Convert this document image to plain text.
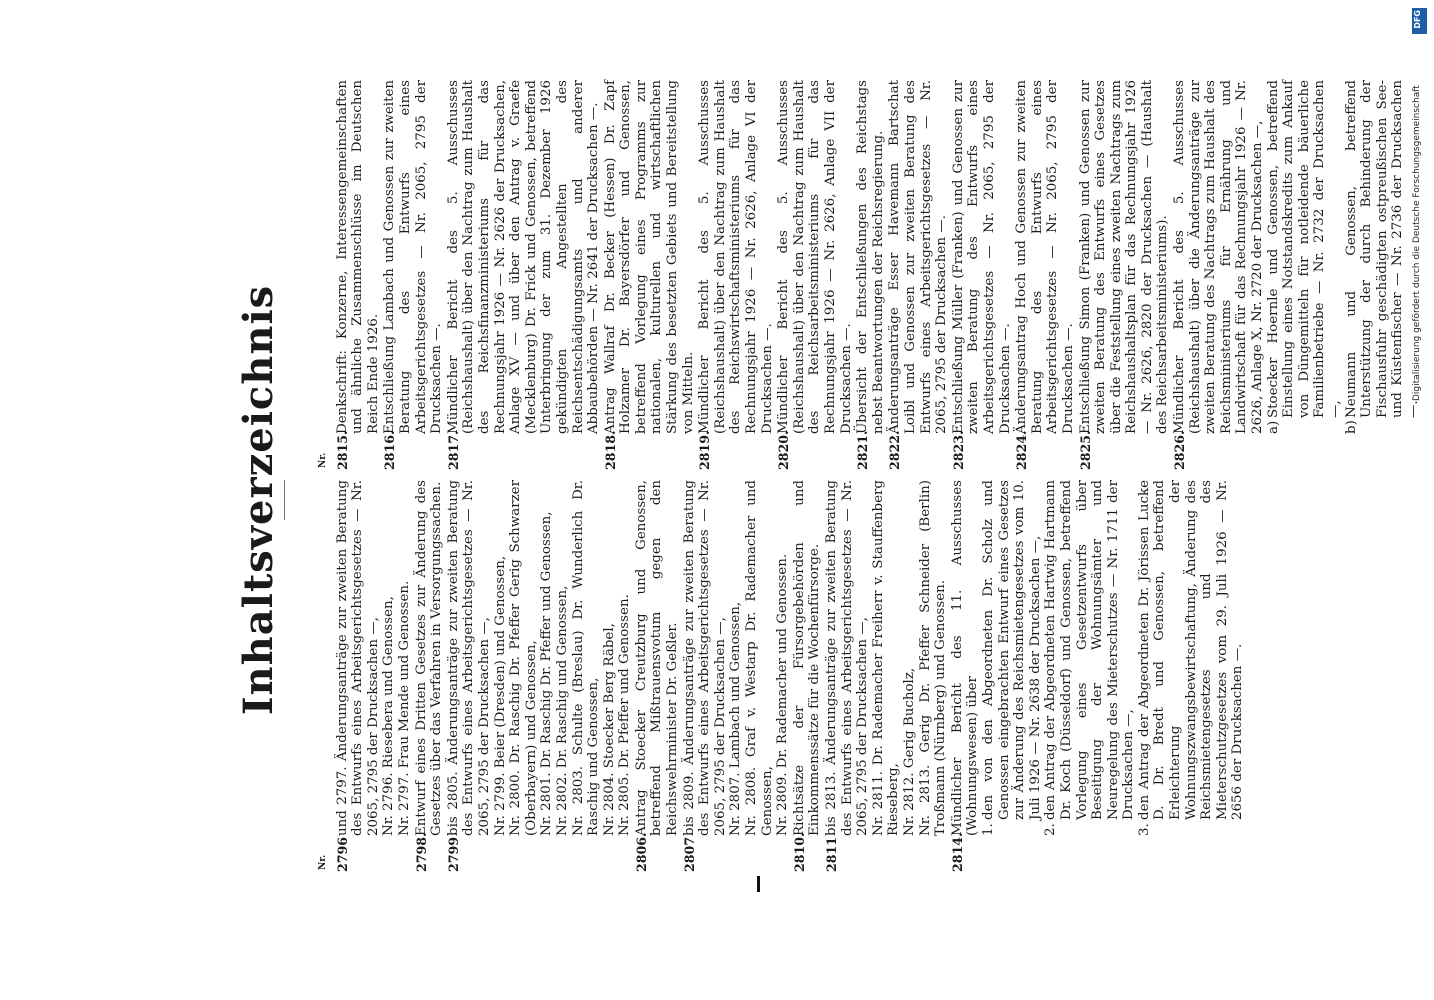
Inhaltsverzeichnis
Nr. 2796
und 2797. Änderungsanträge zur zweiten Beratung des Entwurfs eines Arbeitsgerichtsgesetzes — Nr. 2065, 2795 der Drucksachen —, Nr. 2796. Riesebera und Genossen, Nr. 2797. Frau Mende und Genossen.
2798.
Entwurf eines Dritten Gesetzes zur Änderung des Gesetzes über das Verfahren in Versorgungssachen.
2799
bis 2805. Änderungsanträge zur zweiten Beratung des Entwurfs eines Arbeitsgerichtsgesetzes — Nr. 2065, 2795 der Drucksachen —, Nr. 2799. Beier (Dresden) und Genossen, Nr. 2800. Dr. Raschig Dr. Pfeffer Gerig Schwarzer (Oberbayern) und Genossen, Nr. 2801. Dr. Raschig Dr. Pfeffer und Genossen, Nr. 2802. Dr. Raschig und Genossen, Nr. 2803. Schulte (Breslau) Dr. Wunderlich Dr. Raschig und Genossen, Nr. 2804. Stoecker Berg Räbel, Nr. 2805. Dr. Pfeffer und Genossen.
2806.
Antrag Stoecker Creutzburg und Genossen, betreffend Mißtrauensvotum gegen den Reichswehrminister Dr. Geßler.
2807
bis 2809. Änderungsanträge zur zweiten Beratung des Entwurfs eines Arbeitsgerichtsgesetzes — Nr. 2065, 2795 der Drucksachen —, Nr. 2807. Lambach und Genossen, Nr. 2808. Graf v. Westarp Dr. Rademacher und Genossen, Nr. 2809. Dr. Rademacher und Genossen.
2810.
Richtsätze der Fürsorgebehörden und Einkommenssätze für die Wochenfürsorge.
2811
bis 2813. Änderungsanträge zur zweiten Beratung des Entwurfs eines Arbeitsgerichtsgesetzes — Nr. 2065, 2795 der Drucksachen —, Nr. 2811. Dr. Rademacher Freiherr v. Stauffenberg Rieseberg, Nr. 2812. Gerig Bucholz, Nr. 2813. Gerig Dr. Pfeffer Schneider (Berlin) Troßmann (Nürnberg) und Genossen.
2814.
Mündlicher Bericht des 11. Ausschusses (Wohnungswesen) über 1.den von den Abgeordneten Dr. Scholz und Genossen eingebrachten Entwurf eines Gesetzes zur Änderung des Reichsmietengesetzes vom 10. Juli 1926 — Nr. 2638 der Drucksachen —,
2.den Antrag der Abgeordneten Hartwig Hartmann Dr. Koch (Düsseldorf) und Genossen, betreffend Vorlegung eines Gesetzentwurfs über Beseitigung der Wohnungsämter und Neuregelung des Mieterschutzes — Nr. 1711 der Drucksachen —,
3.den Antrag der Abgeordneten Dr. Jörissen Lucke D. Dr. Bredt und Genossen, betreffend Erleichterung der Wohnungszwangsbewirtschaftung, Änderung des Reichsmietengesetzes und des Mieterschutzgesetzes vom 29. Juli 1926 — Nr. 2656 der Drucksachen —.
Nr. 2815.
Denkschrift: Konzerne, Interessengemeinschaften und ähnliche Zusammenschlüsse im Deutschen Reich Ende 1926.
2816.
Entschließung Lambach und Genossen zur zweiten Beratung des Entwurfs eines Arbeitsgerichtsgesetzes — Nr. 2065, 2795 der Drucksachen —.
2817.
Mündlicher Bericht des 5. Ausschusses (Reichshaushalt) über den Nachtrag zum Haushalt des Reichsfinanzministeriums für das Rechnungsjahr 1926 — Nr. 2626 der Drucksachen, Anlage XV — und über den Antrag v. Graefe (Mecklenburg) Dr. Frick und Genossen, betreffend Unterbringung der zum 31. Dezember 1926 gekündigten Angestellten des Reichsentschädigungsamts und anderer Abbaubehörden — Nr. 2641 der Drucksachen —.
2818.
Antrag Wallraf Dr. Becker (Hessen) Dr. Zapf Holzamer Dr. Bayersdörfer und Genossen, betreffend Vorlegung eines Programms zur nationalen, kulturellen und wirtschaftlichen Stärkung des besetzten Gebiets und Bereitstellung von Mitteln.
2819.
Mündlicher Bericht des 5. Ausschusses (Reichshaushalt) über den Nachtrag zum Haushalt des Reichswirtschaftsministeriums für das Rechnungsjahr 1926 — Nr. 2626, Anlage VI der Drucksachen —.
2820.
Mündlicher Bericht des 5. Ausschusses (Reichshaushalt) über den Nachtrag zum Haushalt des Reichsarbeitsministeriums für das Rechnungsjahr 1926 — Nr. 2626, Anlage VII der Drucksachen —.
2821.
Übersicht der Entschließungen des Reichstags nebst Beantwortungen der Reichsregierung.
2822.
Änderungsanträge Esser Havemann Bartschat Loibl und Genossen zur zweiten Beratung des Entwurfs eines Arbeitsgerichtsgesetzes — Nr. 2065, 2795 der Drucksachen —.
2823.
Entschließung Müller (Franken) und Genossen zur zweiten Beratung des Entwurfs eines Arbeitsgerichtsgesetzes — Nr. 2065, 2795 der Drucksachen —.
2824.
Änderungsantrag Hoch und Genossen zur zweiten Beratung des Entwurfs eines Arbeitsgerichtsgesetzes — Nr. 2065, 2795 der Drucksachen —.
2825.
Entschließung Simon (Franken) und Genossen zur zweiten Beratung des Entwurfs eines Gesetzes über die Feststellung eines zweiten Nachtrags zum Reichshaushaltsplan für das Rechnungsjahr 1926 — Nr. 2626, 2820 der Drucksachen — (Haushalt des Reichsarbeitsministeriums).
2826.
Mündlicher Bericht des 5. Ausschusses (Reichshaushalt) über die Änderungsanträge zur zweiten Beratung des Nachtrags zum Haushalt des Reichsministeriums für Ernährung und Landwirtschaft für das Rechnungsjahr 1926 — Nr. 2626, Anlage X, Nr. 2720 der Drucksachen —, a)Stoecker Hoernle und Genossen, betreffend Einstellung eines Notstandskredits zum Ankauf von Düngemitteln für notleidende bäuerliche Familienbetriebe — Nr. 2732 der Drucksachen —,
b)Neumann und Genossen, betreffend Unterstützung der durch Behinderung der Fischausfuhr geschädigten ostpreußischen See- und Küstenfischer — Nr. 2736 der Drucksachen —.
DFG
Digitalisierung gefördert durch die Deutsche Forschungsgemeinschaft
